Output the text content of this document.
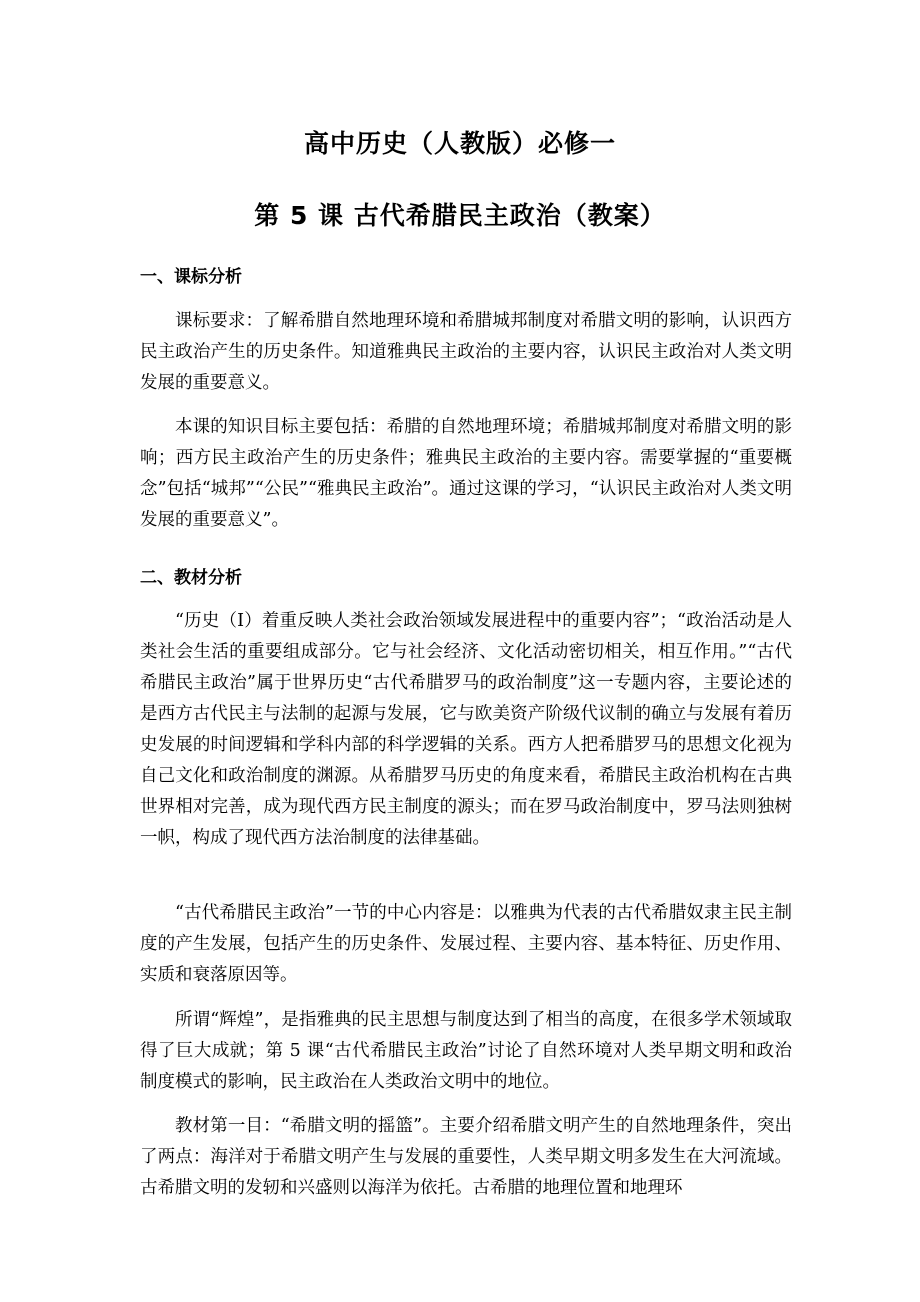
高中历史（人教版）必修一
第 5 课 古代希腊民主政治（教案）
一、课标分析

课标要求：了解希腊自然地理环境和希腊城邦制度对希腊文明的影响，认识西方民主政治产生的历史条件。知道雅典民主政治的主要内容，认识民主政治对人类文明发展的重要意义。

本课的知识目标主要包括：希腊的自然地理环境；希腊城邦制度对希腊文明的影响；西方民主政治产生的历史条件；雅典民主政治的主要内容。需要掌握的“重要概念”包括“城邦”“公民”“雅典民主政治”。通过这课的学习，“认识民主政治对人类文明发展的重要意义”。

二、教材分析

“历史（Ⅰ）着重反映人类社会政治领域发展进程中的重要内容”；“政治活动是人类社会生活的重要组成部分。它与社会经济、文化活动密切相关，相互作用。”“古代希腊民主政治”属于世界历史“古代希腊罗马的政治制度”这一专题内容，主要论述的是西方古代民主与法制的起源与发展，它与欧美资产阶级代议制的确立与发展有着历史发展的时间逻辑和学科内部的科学逻辑的关系。西方人把希腊罗马的思想文化视为自己文化和政治制度的渊源。从希腊罗马历史的角度来看，希腊民主政治机构在古典世界相对完善，成为现代西方民主制度的源头；而在罗马政治制度中，罗马法则独树一帜，构成了现代西方法治制度的法律基础。

“古代希腊民主政治”一节的中心内容是：以雅典为代表的古代希腊奴隶主民主制度的产生发展，包括产生的历史条件、发展过程、主要内容、基本特征、历史作用、实质和衰落原因等。

所谓“辉煌”，是指雅典的民主思想与制度达到了相当的高度，在很多学术领域取得了巨大成就；第 5 课“古代希腊民主政治”讨论了自然环境对人类早期文明和政治制度模式的影响，民主政治在人类政治文明中的地位。

教材第一目：“希腊文明的摇篮”。主要介绍希腊文明产生的自然地理条件，突出了两点：海洋对于希腊文明产生与发展的重要性，人类早期文明多发生在大河流域。古希腊文明的发轫和兴盛则以海洋为依托。古希腊的地理位置和地理环
